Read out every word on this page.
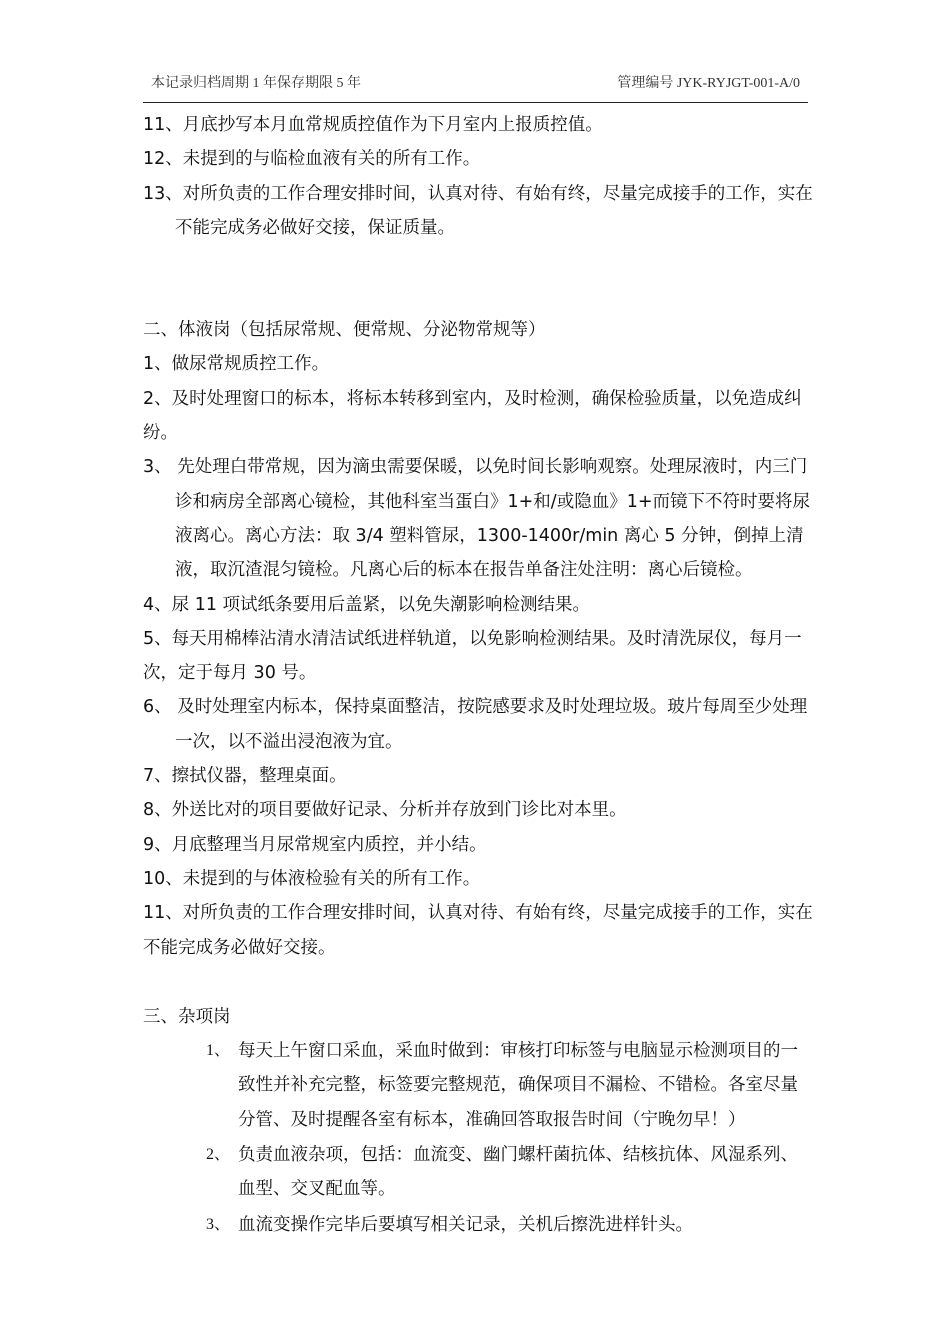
本记录归档周期 1 年保存期限 5 年	管理编号 JYK-RYJGT-001-A/0
11、月底抄写本月血常规质控值作为下月室内上报质控值。
12、未提到的与临检血液有关的所有工作。
13、对所负责的工作合理安排时间，认真对待、有始有终，尽量完成接手的工作，实在不能完成务必做好交接，保证质量。
二、体液岗（包括尿常规、便常规、分泌物常规等）
1、做尿常规质控工作。
2、及时处理窗口的标本，将标本转移到室内，及时检测，确保检验质量，以免造成纠纷。
3、 先处理白带常规，因为滴虫需要保暖，以免时间长影响观察。处理尿液时，内三门诊和病房全部离心镜检，其他科室当蛋白》1+和/或隐血》1+而镜下不符时要将尿液离心。离心方法：取 3/4 塑料管尿，1300-1400r/min 离心 5 分钟，倒掉上清液，取沉渣混匀镜检。凡离心后的标本在报告单备注处注明：离心后镜检。
4、尿 11 项试纸条要用后盖紧，以免失潮影响检测结果。
5、每天用棉棒沾清水清洁试纸进样轨道，以免影响检测结果。及时清洗尿仪，每月一次，定于每月 30 号。
6、 及时处理室内标本，保持桌面整洁，按院感要求及时处理垃圾。玻片每周至少处理一次，以不溢出浸泡液为宜。
7、擦拭仪器，整理桌面。
8、外送比对的项目要做好记录、分析并存放到门诊比对本里。
9、月底整理当月尿常规室内质控，并小结。
10、未提到的与体液检验有关的所有工作。
11、对所负责的工作合理安排时间，认真对待、有始有终，尽量完成接手的工作，实在不能完成务必做好交接。
三、杂项岗
1、 每天上午窗口采血，采血时做到：审核打印标签与电脑显示检测项目的一致性并补充完整，标签要完整规范，确保项目不漏检、不错检。各室尽量分管、及时提醒各室有标本，准确回答取报告时间（宁晚勿早！）
2、 负责血液杂项，包括：血流变、幽门螺杆菌抗体、结核抗体、风湿系列、血型、交叉配血等。
3、 血流变操作完毕后要填写相关记录，关机后擦洗进样针头。
